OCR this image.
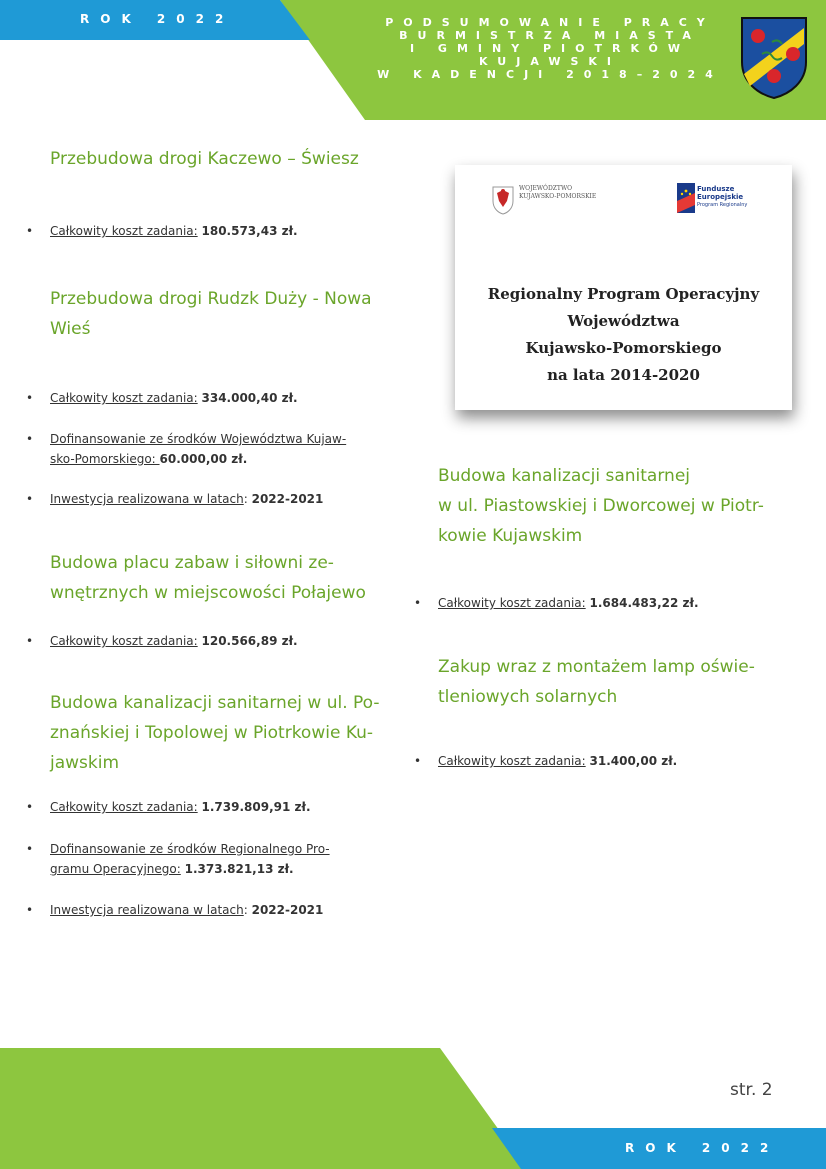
ROK 2022	PODSUMOWANIE PRACY
BURMISTRZA MIASTA
I GMINY PIOTRKÓW
KUJAWSKI
W KADENCJI 2018–2024
Przebudowa drogi Kaczewo – Świesz
• Całkowity koszt zadania: 180.573,43 zł.
Przebudowa drogi Rudzk Duży - Nowa
Wieś
• Całkowity koszt zadania: 334.000,40 zł.
• Dofinansowanie ze środków Województwa Kujaw-
sko-Pomorskiego: 60.000,00 zł.
• Inwestycja realizowana w latach: 2022-2021
Budowa placu zabaw i siłowni ze-
wnętrznych w miejscowości Połajewo
• Całkowity koszt zadania: 120.566,89 zł.
Budowa kanalizacji sanitarnej w ul. Po-
znańskiej i Topolowej w Piotrkowie Ku-
jawskim
• Całkowity koszt zadania: 1.739.809,91 zł.
• Dofinansowanie ze środków Regionalnego Pro-
gramu Operacyjnego: 1.373.821,13 zł.
• Inwestycja realizowana w latach: 2022-2021
WOJEWÓDZTWO
KUJAWSKO-POMORSKIE
Fundusze
Europejskie
Program Regionalny
Regionalny Program Operacyjny
Województwa
Kujawsko-Pomorskiego
na lata 2014-2020
Budowa kanalizacji sanitarnej
w ul. Piastowskiej i Dworcowej w Piotr-
kowie Kujawskim
• Całkowity koszt zadania: 1.684.483,22 zł.
Zakup wraz z montażem lamp oświe-
tleniowych solarnych
• Całkowity koszt zadania: 31.400,00 zł.
str. 2
ROK 2022
